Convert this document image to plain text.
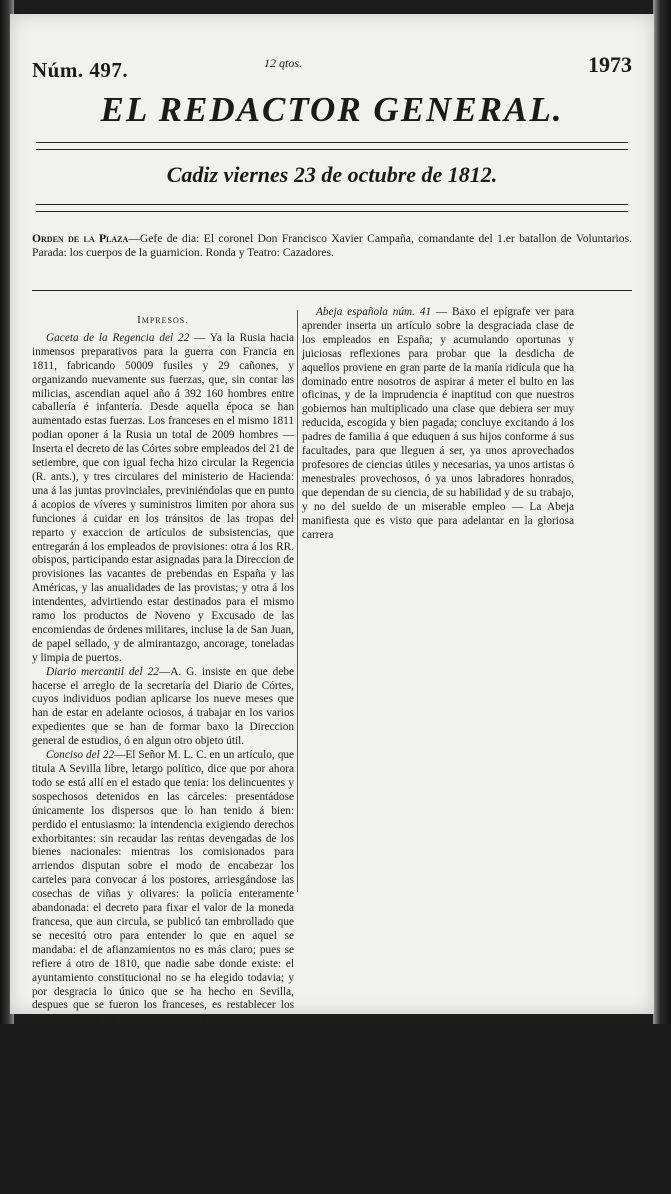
Núm. 497.	12 qtos.	1973
EL REDACTOR GENERAL.
Cadiz viernes 23 de octubre de 1812.
Orden de la Plaza—Gefe de dia: El coronel Don Francisco Xavier Campaña, comandante del 1.er batallon de Voluntarios. Parada: los cuerpos de la guarnicion. Ronda y Teatro: Cazadores.
Impresos.

Gaceta de la Regencia del 22 — Ya la Rusia hacia inmensos preparativos para la guerra con Francia en 1811, fabricando 50009 fusiles y 29 cañones, y organizando nuevamente sus fuerzas, que, sin contar las milicias, ascendian aquel año á 392 160 hombres entre caballería é infantería. Desde aquella época se han aumentado estas fuerzas. Los franceses en el mismo 1811 podian oponer á la Rusia un total de 2009 hombres — Inserta el decreto de las Córtes sobre empleados del 21 de setiembre, que con igual fecha hizo circular la Regencia (R. ants.), y tres circulares del ministerio de Hacienda: una á las juntas provinciales, previniéndolas que en punto á acopios de víveres y suministros limiten por ahora sus funciones á cuidar en los tránsitos de las tropas del reparto y exaccion de artículos de subsistencias, que entregarán á los empleados de provisiones: otra á los RR. obispos, participando estar asignadas para la Direccion de provisiones las vacantes de prebendas en España y las Américas, y las anualidades de las provistas; y otra á los intendentes, advirtiendo estar destinados para el mismo ramo los productos de Noveno y Excusado de las encomiendas de órdenes militares, incluse la de San Juan, de papel sellado, y de almirantazgo, ancorage, toneladas y limpia de puertos.

Diario mercantil del 22—A. G. insiste en que debe hacerse el arreglo de la secretaría del Diario de Córtes, cuyos individuos podian aplicarse los nueve meses que han de estar en adelante ociosos, á trabajar en los varios expedientes que se han de formar baxo la Direccion general de estudios, ó en algun otro objeto útil.

Conciso del 22—El Señor M. L. C. en un artículo, que titula A Sevilla libre, letargo político, dice que por ahora todo se está allí en el estado que tenia: los delincuentes y sospechosos detenidos en las cárceles: presentádose únicamente los dispersos que lo han tenido á bien: perdido el entusiasmo: la intendencia exigiendo derechos exhorbitantes: sin recaudar las rentas devengadas de los bienes nacionales: mientras los comisionados para arriendos disputan sobre el modo de encabezar los carteles para convocar á los postores, arriesgándose las cosechas de viñas y olivares: la policía enteramente abandonada: el decreto para fixar el valor de la moneda francesa, que aun circula, se publicó tan embrollado que se necesitó otro para entender lo que en aquel se mandaba: el de afianzamientos no es más claro; pues se refiere á otro de 1810, que nadie sabe donde existe: el ayuntamiento constitucional no se ha elegido todavia; y por desgracia lo único que se ha hecho en Sevilla, despues que se fueron los franceses, es restablecer los enterramientos en los templos, que ellos acertadamente prohibieron: todos habian quedito, como si estuvieran aun rodeados de espiones, quejandose de la inaccion, de lo poco que ha hecho el gobierno, y de lo mucho que dexa de hacer—El Conciso contesta que todo se remediará pronto—El 10 se representó en Madrid en el teatro del Príncipe la tragedia titulada La Venganza, por los oficiales ingleses de la guarnicion, destinándose el producto á beneficio de los pobres de aquella capital.—El 11 se nombraron en Madrid los electores parroquiales para las provincias Córtes, siendo expendios de la junta varios compradores de bienes nacionales y otros satélites que tuvieron la osadía de concurrir á tan solemne acto.

Abeja española núm. 41 — Baxo el epígrafe ver para aprender inserta un artículo sobre la desgraciada clase de los empleados en España; y acumulando oportunas y juiciosas reflexiones para probar que la desdicha de aquellos proviene en gran parte de la manía ridícula que ha dominado entre nosotros de aspirar á meter el bulto en las oficinas, y de la imprudencia é inaptitud con que nuestros gobiernos han multiplicado una clase que debiera ser muy reducida, escogida y bien pagada; concluye excitando á los padres de familia á que eduquen á sus hijos conforme á sus facultades, para que lleguen á ser, ya unos aprovechados profesores de ciencias útiles y necesarias, ya unos artistas ó menestrales provechosos, ó ya unos labradores honrados, que dependan de su ciencia, de su habilidad y de su trabajo, y no del sueldo de un miserable empleo — La Abeja manifiesta que es visto que para adelantar en la gloriosa carrera
